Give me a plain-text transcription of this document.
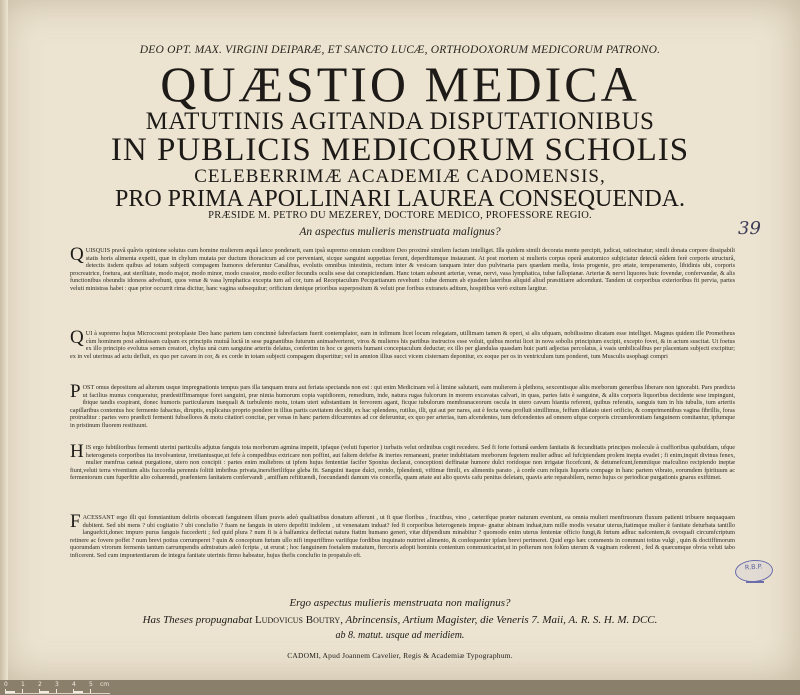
DEO OPT. MAX. VIRGINI DEIPARÆ, ET SANCTO LUCÆ, ORTHODOXORUM MEDICORUM PATRONO.
QUÆSTIO MEDICA
MATUTINIS AGITANDA DISPUTATIONIBUS
IN PUBLICIS MEDICORUM SCHOLIS
CELEBERRIMÆ ACADEMIÆ CADOMENSIS,
PRO PRIMA APOLLINARI LAUREA CONSEQUENDA.
PRÆSIDE M. PETRO DU MEZEREY, DOCTORE MEDICO, PROFESSORE REGIO.
An aspectus mulieris menstruata malignus?	39

QUISQUIS pravâ quâvis opinione solutus cum homine mulierem æquâ lance ponderarit, eam ipsâ supremo omnium conditore Deo proximè similem factam intelliget. Illa quidem simili decorata mente percipit, judicat, ratiocinatur; simili donata corpore dissipabili statis horis alimenta expetit, quæ in chylum mutata per ductum thoracicum ad cor perveniant, sicque sanguini suppetias ferunt, deperditumque instaurant. At post mortem si mulieris corpus operâ anatomico subjiciatur detectâ eâdem ferè corporis structurâ, detectis iisdem quibus ad totam subjecti compagem humores deferuntur Canalibus, evolutis omnibus intestinis, rectum inter & vesicam tanquam inter duo pulvinaria pars quædam media, festa progenie, pro ætate, temperamento, libidinis ubi, corporis procreatrice, foetura, aut sterilitate, modo major, modo minor, modo crassior, modo exilior fecundis oculis sese dat conspiciendam. Hanc totam subeunt arteriæ, venæ, nervi, vasa lymphatica, tubæ fallopianæ. Arteriæ & nervi liquores huic fovendæ, confervandæ, & alis functionibus obeundis idoneos advehunt, quos venæ & vasa lymphatica excepta tum ad cor, tum ad Receptaculum Pecquetianum revehunt : tubæ demum ab ejusdem lateribus aliquid aliud præstitiære adcendunt. Tandem ut corporibus exterioribus fit pervia, partes veluti ministras habet : quæ prior occurrit rima dicitur, hanc vagina subsequitur; orificium denique prioribus superpositum & veluti præ foribus extraneis aditum, hospitibus verò exitum largitur.

QUI à supremo hujus Microcosmi protoplaste Deo hanc partem tam concinnè fabrefactam fuerit contemplator, eam in infimum licet locum relegatam, utillimam tamen & operi, si alis ufquam, nobilissimo dicatam esse intelliget. Magnus quidem ille Prometheus cùm hominem post admissam culpam ex principiis mutuâ luctâ in sese pugnantibus futurum animadverteret, viros & mulieres his partibus instructos esse voluit, quibus mortui licet in nova sobolis principium excipit, excepto fovet, & in actum suscitat. Ut foetus ex illo principio evolutus semen creatori, chylus unà cum sanguine arteriis delatus, confertim in hoc ce generis humani conceptaculum deductæ; ex illo per glandulas quasdam huic parti adjectas percolatus, à vasis umbilicalibus per placentam subjecti excipitur; ex in vel uterinus ad actu defluit, ex quo per cavam in cor, & ex corde in totam subjecti compagem dispertitur; vel in amnion illius succi vicem cisternam deponitur, ex eoque per os in ventriculum tum ponderet, tum Musculis usophagi compri

POST omus depositum ad alterum usque impregnationis tempus pars illa tanquam mura aut feriata spectanda non est : qui enim Medicinam vel à limine salutarit, eam mulierem à plethora, sexcentisque aliis morborum generibus liberare non ignorabit. Pars prædicta ut facilius munus conqueratur, prædestiffimamque foret sanguini, præ nimia humorum copia vapidiorem, remedium, inde, natura rugas fulcorum in morem excavatas calvari, in quas, partes fatis è sanguine, & aliis corporis liquoribus decidente sese impingunt, ibique tandis exspirant, donec humoris particularum inæquali & turbulento motu, totam uteri substantiam in fervorem agant, ficque tubulorum membranaceorum oscula in utero cavum hiantia referent, quibus referatis, sanguis tum in his tubulis, tum arteriis capillaribus contentus hoc fermento fabactus, diruptis, explicatus proprio pondere in illius partis cavitatem decidit, ex hac splendens, rutilus, illi, qui aut per nares, aut è fecta vena profluit simillimus, feffum dilatato uteri orificio, & comprimentibus vagina fibrillis, foras protruditur : partes vero prædicti fermenti fubsellores & motu citatiori concitæ, per venas in hanc partem difcurrentes ad cor deferuntur, ex quo per arterias, tum afcendentes, tum defcendentes ad omnem ufque corporis circumferentiam fanguinem comitantur, ipfumque in pristinum fluorem restituunt.

HIS ergo fubtilioribus fermenti uterini particulis adjutus fanguis tota morborum agmina impetit, ipfaque (veluti fuperior ) turbatis velut ordinibus cogit recedere. Sed fi forte fortunâ eædem fanitatis & fecunditatis principes molecule à craffioribus quibufdam, ufque heterogeneis corporibus ita involvanteur, irretiantusque,ut fefe à compedibus extricare non poffint, aut faltem defefse & inertes remaneant, præter indubitatam morborum fegetem mulier adhuc ad fufcipiendam prolem inepta evadet ; fi enim,inquit divinus fenex, mulier menfrua cæteat purgatione, utero non concipit : partes enim muliebres ut ipfem hujus fententiæ facifer Sponius declarat, conceptioni deffinatæ humore dulci roridoque non irrigatæ ficcefcunt, & detumefcunt,femmiique mafculino recipiendo ineptæ fiunt,veluti terra viventium aliis fuccordia perennis folitit imbribus privata,inersfferilifque gleba fit. Sanguini itaque dulci, rorido, fplendenti, viftimæ fimili, ex alimentis parato , à corde cum reliquis liquoris compage in hanc partem vibrato, eorumdem fpirituum ac fermentorum cum fuperftite alio cohærendi, præfentem fanitatem confervandi , amiffam reftituendi, foecundandi damum vis concefla, quam ætate aut alio quovis cafu penitus deletam, quavis arte reparabilem, nemo hujus ce periodicæ purgationis gnarus exiftimet.

FACESSANT ergo illi qui fomniantium deliriis obcœcati fanguinem illum pravis adeò qualitatibus donatum afferunt , ut fi quæ floribus , fructibus, vino , cæterifque præter naturam eveniunt, ea omnia mulieri menftruorum fluxum patienti tribuere nequaquam dubitent. Sed ubi mens ? ubi cogitatio ? ubi conclufio ? fuam ne fanguis in utero depofiti indolem , ut venenatam induat? fed fi corporibus heterogeneis impræ- gnatur abinam induat,tum mille modis vexatur uterus,ftatimque mulier è fanitate deturbata tantillo languefcit,donec impuro purus fanguis fuccederit ; fed quid plura ? num fi is à balfamica deffectat natura ftatim humano generi, vitæ difpendium minabitur ? quomodo enim uterus fententæ officio fungi,& fœtum adhuc nafcentem,& ovoquafi circumfcriptum retinere ac fovere poffet ? num brevi potius corrumperet ? quin & conceptum fœtum ullo nifi impuriffimo variifque fordibus inquinato nutriret alimento, & confequenter ipfam brevi perimeret. Quid ergo hæc comments in communi totius vulgi , quin & doctiffimorum quorumdam virorum ferments tantum carrumpendis admiraturs adeò fcripta , ut erurat ; hoc fanguinem foetalem mutatum, ftercoris adopti hominis contentum communicarint,ut in pofterum non folùm uterum & vaginam roderent , fed & quæcumque obvia veluti tabo inficerent. Sed cum imprætentiarum de integra fanitate uterinis firmo habeatur, hujus thefis conclufio in propatulo eft.

R.B.P.
Ergo aspectus mulieris menstruata non malignus?
Has Theses propugnabat Ludovicus Boutry, Abrincensis, Artium Magister, die Veneris 7. Maii, A. R. S. H. M. DCC.
ab 8. matut. usque ad meridiem.
CADOMI, Apud Joannem Cavelier, Regis & Academiæ Typographum.
0 1 2 3 4 5 cm
